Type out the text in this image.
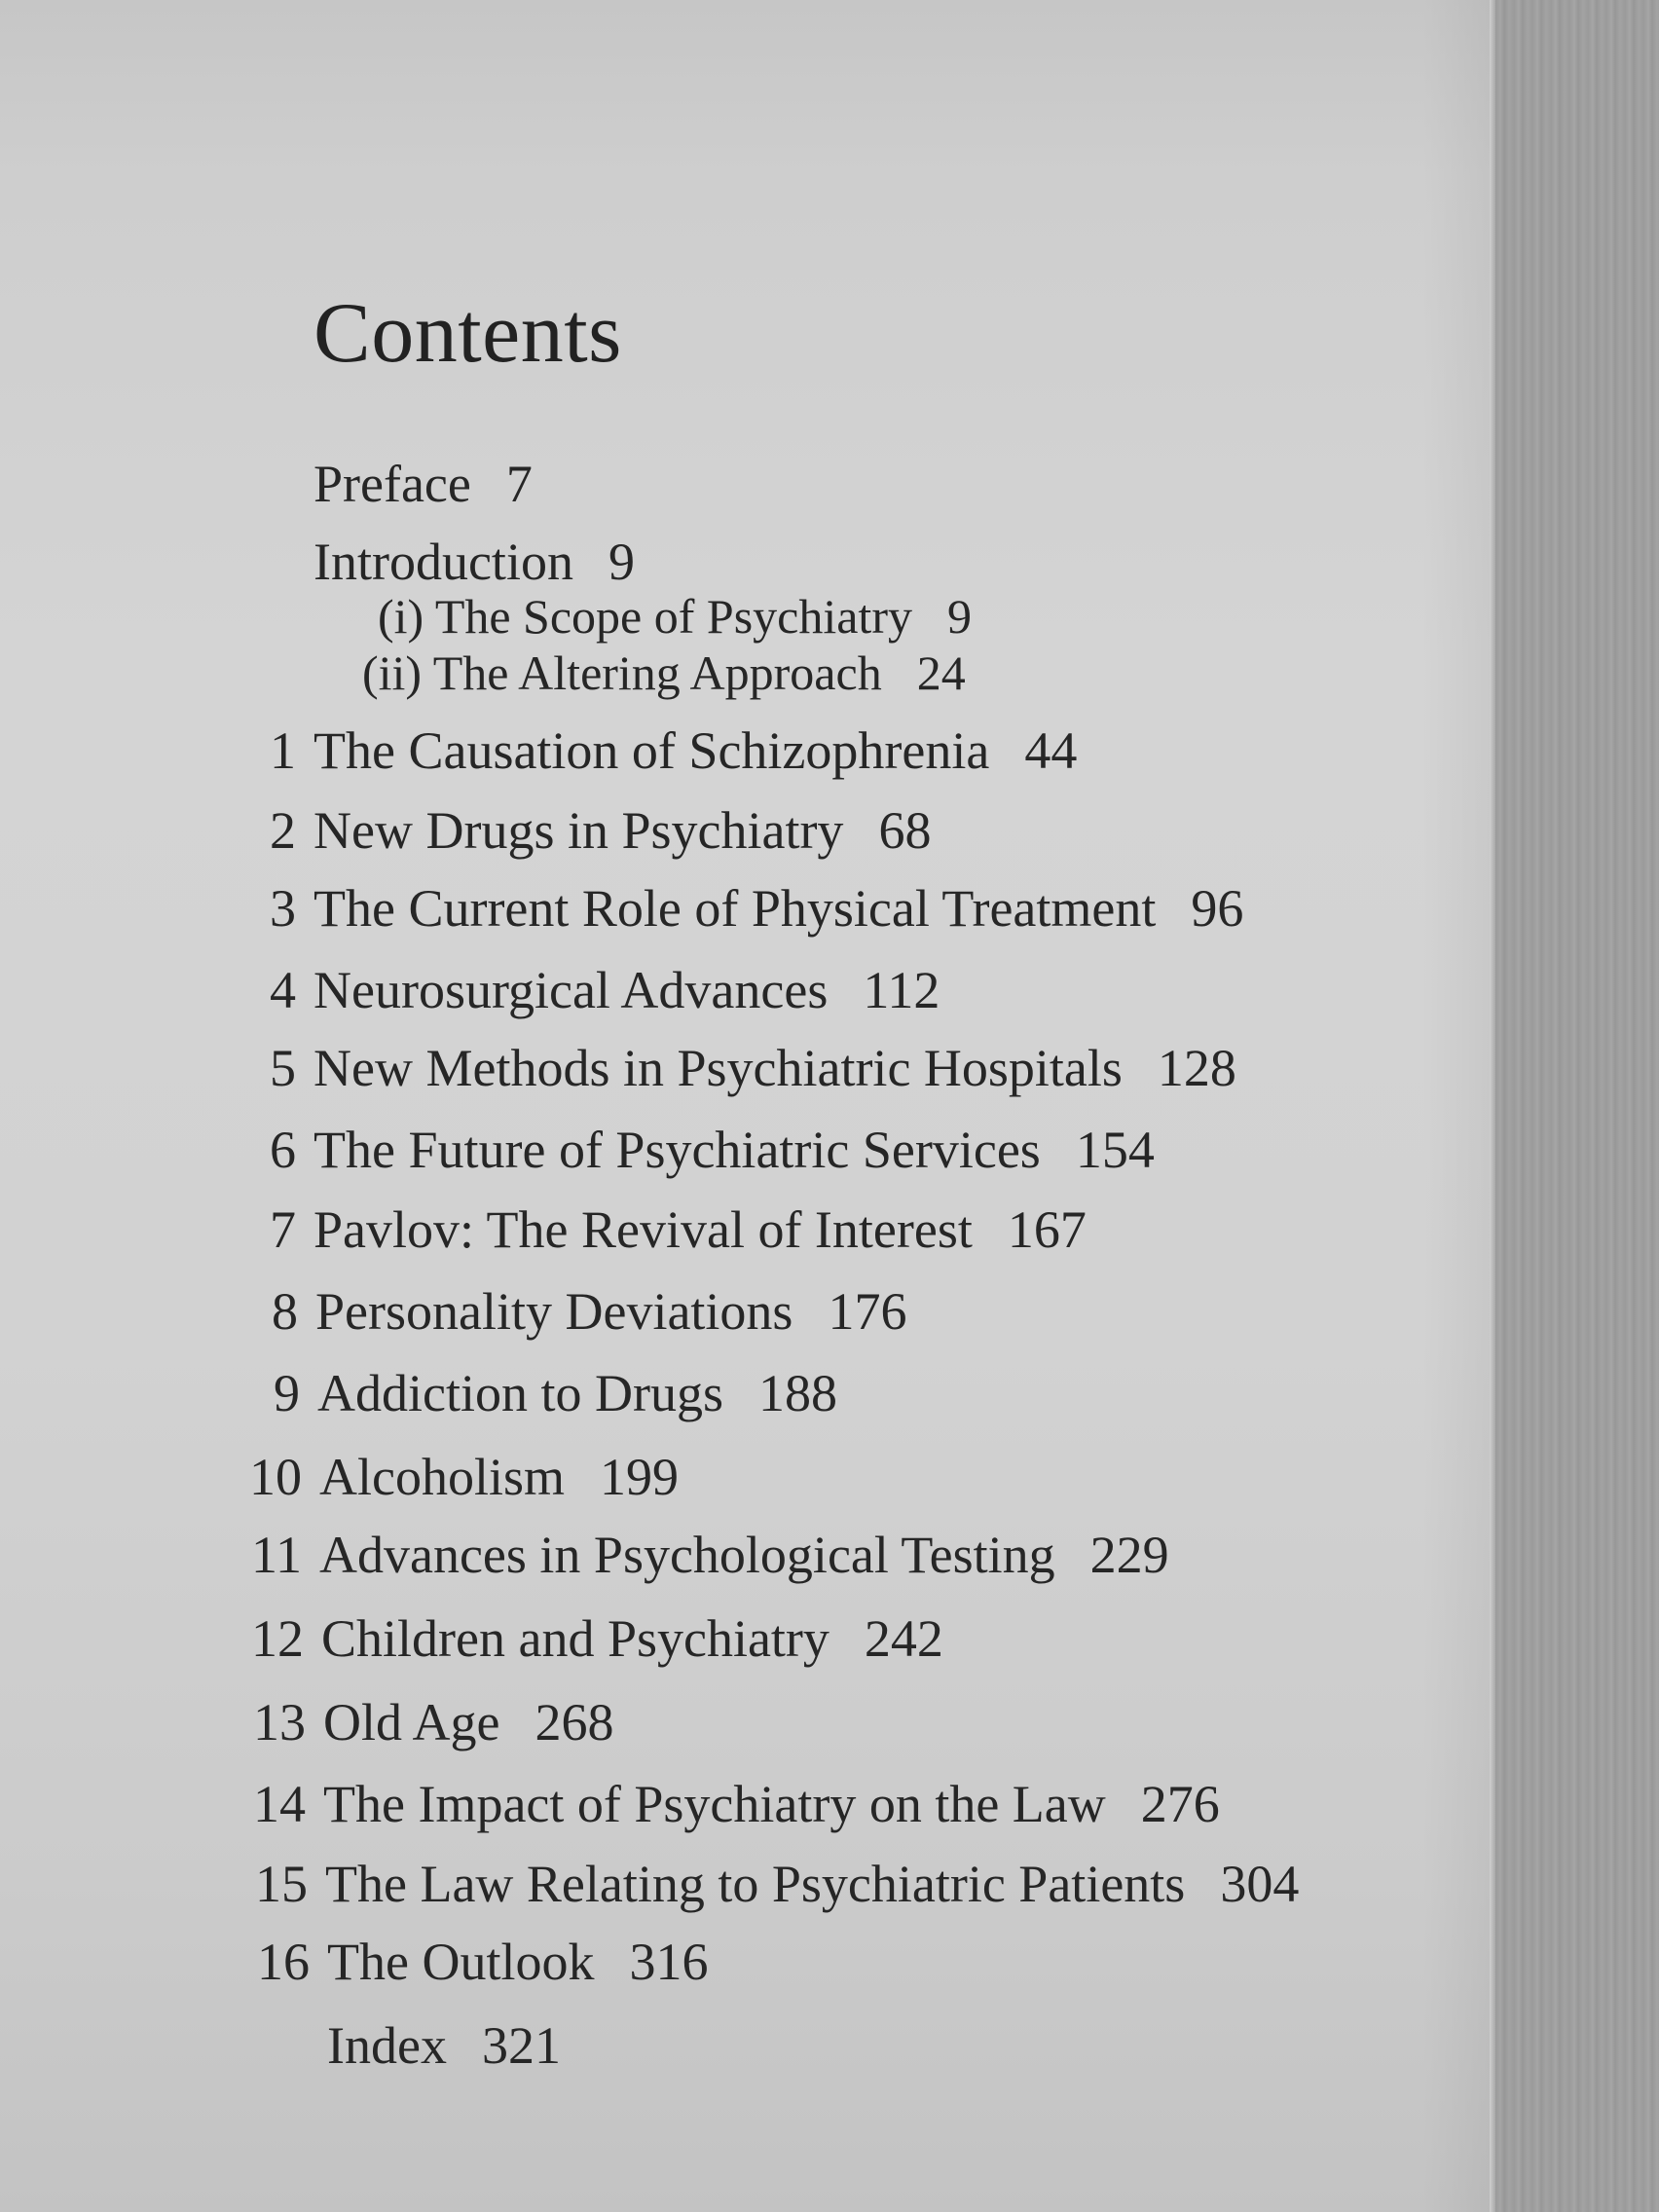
Contents
Preface 7
Introduction 9
(i) The Scope of Psychiatry 9
(ii) The Altering Approach 24
1 The Causation of Schizophrenia 44
2 New Drugs in Psychiatry 68
3 The Current Role of Physical Treatment 96
4 Neurosurgical Advances 112
5 New Methods in Psychiatric Hospitals 128
6 The Future of Psychiatric Services 154
7 Pavlov: The Revival of Interest 167
8 Personality Deviations 176
9 Addiction to Drugs 188
10 Alcoholism 199
11 Advances in Psychological Testing 229
12 Children and Psychiatry 242
13 Old Age 268
14 The Impact of Psychiatry on the Law 276
15 The Law Relating to Psychiatric Patients 304
16 The Outlook 316
Index 321
